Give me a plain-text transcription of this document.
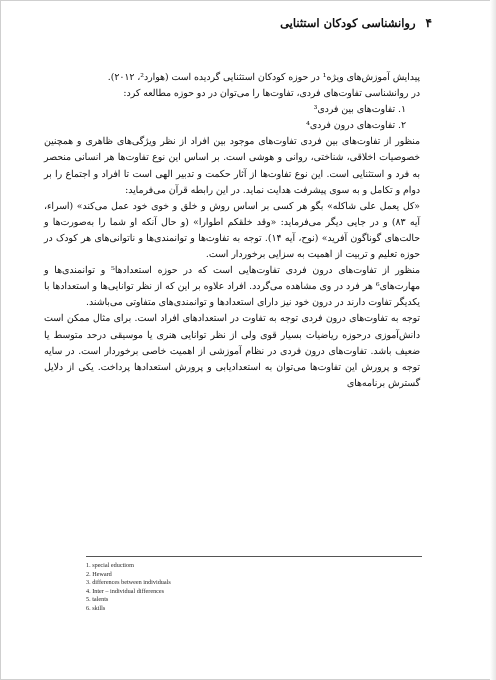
۴
روانشناسی کودکان استثنایی

پیدایش آموزش‌های ویژه¹ در حوزه کودکان استثنایی گردیده است (هوارد²، ۲۰۱۲).

در روانشناسی تفاوت‌های فردی، تفاوت‌ها را می‌توان در دو حوزه مطالعه کرد:

۱. تفاوت‌های بین فردی³

۲. تفاوت‌های درون فردی⁴

منظور از تفاوت‌های بین فردی تفاوت‌های موجود بین افراد از نظر ویژگی‌های ظاهری و همچنین خصوصیات اخلاقی، شناختی، روانی و هوشی است. بر اساس این نوع تفاوت‌ها هر انسانی منحصر به فرد و استثنایی است. این نوع تفاوت‌ها از آثار حکمت و تدبیر الهی است تا افراد و اجتماع را بر دوام و تکامل و به سوی پیشرفت هدایت نماید. در این رابطه قرآن می‌فرماید:

«کل یعمل علی شاکله» بگو هر کسی بر اساس روش و خلق و خوی خود عمل می‌کند» (اسراء، آیه ۸۳) و در جایی دیگر می‌فرماید: «وقد خلقکم اطوارا» (و حال آنکه او شما را به‌صورت‌ها و حالت‌های گوناگون آفرید» (نوح، آیه ۱۴). توجه به تفاوت‌ها و توانمندی‌ها و ناتوانی‌های هر کودک در حوزه تعلیم و تربیت از اهمیت به سزایی برخوردار است.

منظور از تفاوت‌های درون فردی تفاوت‌هایی است که در حوزه استعدادها⁵ و توانمندی‌ها و مهارت‌های⁶ هر فرد در وی مشاهده می‌گردد. افراد علاوه بر این که از نظر توانایی‌ها و استعدادها با یکدیگر تفاوت دارند در درون خود نیز دارای استعدادها و توانمندی‌های متفاوتی می‌باشند.

توجه به تفاوت‌های درون فردی توجه به تفاوت در استعدادهای افراد است. برای مثال ممکن است دانش‌آموزی درحوزه ریاضیات بسیار قوی ولی از نظر توانایی هنری یا موسیقی درحد متوسط یا ضعیف باشد. تفاوت‌های درون فردی در نظام آموزشی از اهمیت خاصی برخوردار است. در سایه توجه و پرورش این تفاوت‌ها می‌توان به استعدادیابی و پرورش استعدادها پرداخت. یکی از دلایل گسترش برنامه‌های

1. special eductiom
2. Heward
3. differences between individuals
4. Inter – individual differences
5. talents
6. skills
